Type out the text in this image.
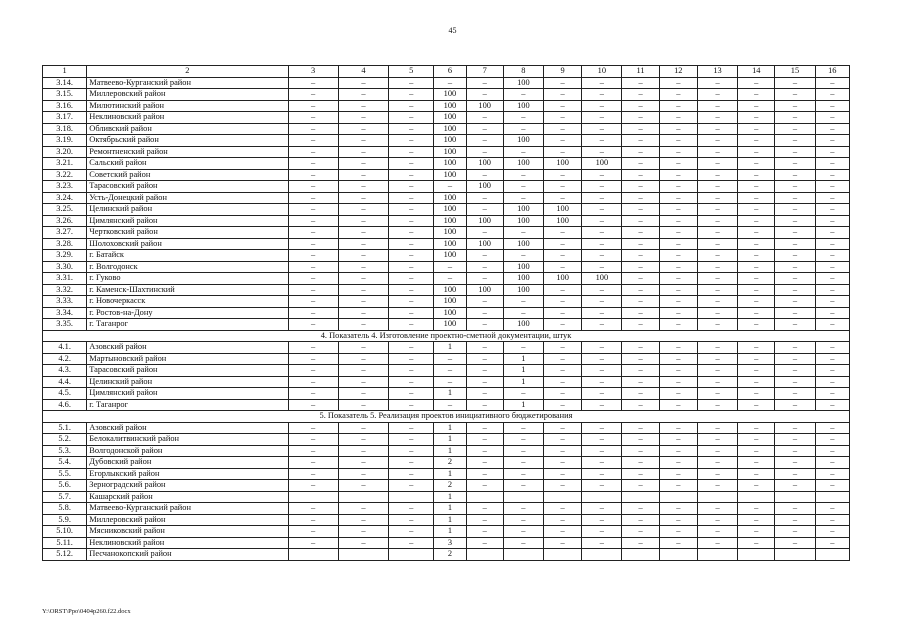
45
1	2	3	4	5	6	7	8	9	10	11	12	13	14	15	16
3.14.	Матвеево-Курганский район	–	–	–	–	–	100	–	–	–	–	–	–	–	–
3.15.	Миллеровский район	–	–	–	100	–	–	–	–	–	–	–	–	–	–
3.16.	Милютинский район	–	–	–	100	100	100	–	–	–	–	–	–	–	–
3.17.	Неклиновский район	–	–	–	100	–	–	–	–	–	–	–	–	–	–
3.18.	Обливский район	–	–	–	100	–	–	–	–	–	–	–	–	–	–
3.19.	Октябрьский район	–	–	–	100	–	100	–	–	–	–	–	–	–	–
3.20.	Ремонтненский район	–	–	–	100	–	–	–	–	–	–	–	–	–	–
3.21.	Сальский район	–	–	–	100	100	100	100	100	–	–	–	–	–	–
3.22.	Советский район	–	–	–	100	–	–	–	–	–	–	–	–	–	–
3.23.	Тарасовский район	–	–	–	–	100	–	–	–	–	–	–	–	–	–
3.24.	Усть-Донецкий район	–	–	–	100	–	–	–	–	–	–	–	–	–	–
3.25.	Целинский район	–	–	–	100	–	100	100	–	–	–	–	–	–	–
3.26.	Цимлянский район	–	–	–	100	100	100	100	–	–	–	–	–	–	–
3.27.	Чертковский район	–	–	–	100	–	–	–	–	–	–	–	–	–	–
3.28.	Шолоховский район	–	–	–	100	100	100	–	–	–	–	–	–	–	–
3.29.	г. Батайск	–	–	–	100	–	–	–	–	–	–	–	–	–	–
3.30.	г. Волгодонск	–	–	–	–	–	100	–	–	–	–	–	–	–	–
3.31.	г. Гуково	–	–	–	–	–	100	100	100	–	–	–	–	–	–
3.32.	г. Каменск-Шахтинский	–	–	–	100	100	100	–	–	–	–	–	–	–	–
3.33.	г. Новочеркасск	–	–	–	100	–	–	–	–	–	–	–	–	–	–
3.34.	г. Ростов-на-Дону	–	–	–	100	–	–	–	–	–	–	–	–	–	–
3.35.	г. Таганрог	–	–	–	100	–	100	–	–	–	–	–	–	–	–
4. Показатель 4. Изготовление проектно-сметной документации, штук															
4.1.	Азовский район	–	–	–	1	–	–	–	–	–	–	–	–	–	–
4.2.	Мартыновский район	–	–	–	–	–	1	–	–	–	–	–	–	–	–
4.3.	Тарасовский район	–	–	–	–	–	1	–	–	–	–	–	–	–	–
4.4.	Целинский район	–	–	–	–	–	1	–	–	–	–	–	–	–	–
4.5.	Цимлянский район	–	–	–	1	–	–	–	–	–	–	–	–	–	–
4.6.	г. Таганрог	–	–	–	–	–	1	–	–	–	–	–	–	–	–
5. Показатель 5. Реализация проектов инициативного бюджетирования															
5.1.	Азовский район	–	–	–	1	–	–	–	–	–	–	–	–	–	–
5.2.	Белокалитвинский район	–	–	–	1	–	–	–	–	–	–	–	–	–	–
5.3.	Волгодонской район	–	–	–	1	–	–	–	–	–	–	–	–	–	–
5.4.	Дубовский район	–	–	–	2	–	–	–	–	–	–	–	–	–	–
5.5.	Егорлыкский район	–	–	–	1	–	–	–	–	–	–	–	–	–	–
5.6.	Зерноградский район	–	–	–	2	–	–	–	–	–	–	–	–	–	–
5.7.	Кашарский район				1										
5.8.	Матвеево-Курганский район	–	–	–	1	–	–	–	–	–	–	–	–	–	–
5.9.	Миллеровский район	–	–	–	1	–	–	–	–	–	–	–	–	–	–
5.10.	Мясниковский район	–	–	–	1	–	–	–	–	–	–	–	–	–	–
5.11.	Неклиновский район	–	–	–	3	–	–	–	–	–	–	–	–	–	–
5.12.	Песчанокопский район				2										
Y:\ORST\Ppo\0404p260.f22.docx
